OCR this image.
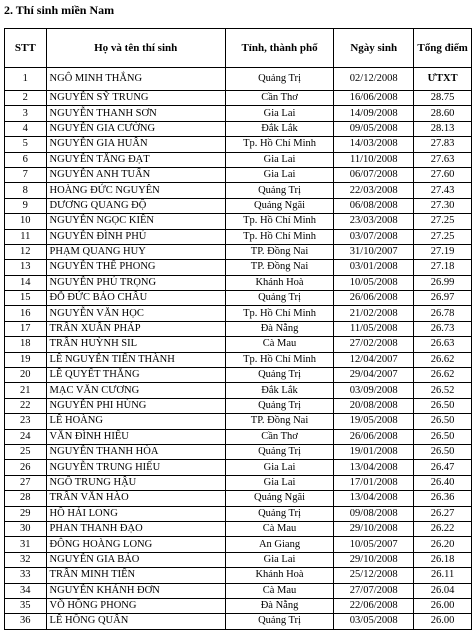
2. Thí sinh miền Nam
STT	Họ và tên thí sinh	Tỉnh, thành phố	Ngày sinh	Tổng điểm
1	NGÔ MINH THẮNG	Quảng Trị	02/12/2008	ƯTXT
2	NGUYỄN SỸ TRUNG	Cần Thơ	16/06/2008	28.75
3	NGUYỄN THANH SƠN	Gia Lai	14/09/2008	28.60
4	NGUYỄN GIA CƯỜNG	Đắk Lắk	09/05/2008	28.13
5	NGUYỄN GIA HUÂN	Tp. Hồ Chí Minh	14/03/2008	27.83
6	NGUYỄN TĂNG ĐẠT	Gia Lai	11/10/2008	27.63
7	NGUYỄN ANH TUẤN	Gia Lai	06/07/2008	27.60
8	HOÀNG ĐỨC NGUYÊN	Quảng Trị	22/03/2008	27.43
9	DƯƠNG QUANG ĐỘ	Quảng Ngãi	06/08/2008	27.30
10	NGUYỄN NGỌC KIÊN	Tp. Hồ Chí Minh	23/03/2008	27.25
11	NGUYỄN ĐÌNH PHÚ	Tp. Hồ Chí Minh	03/07/2008	27.25
12	PHẠM QUANG HUY	TP. Đồng Nai	31/10/2007	27.19
13	NGUYỄN THẾ PHONG	TP. Đồng Nai	03/01/2008	27.18
14	NGUYỄN PHÚ TRỌNG	Khánh Hoà	10/05/2008	26.99
15	ĐỖ ĐỨC BẢO CHÂU	Quảng Trị	26/06/2008	26.97
16	NGUYỄN VĂN HỌC	Tp. Hồ Chí Minh	21/02/2008	26.78
17	TRẦN XUÂN PHÁP	Đà Nẵng	11/05/2008	26.73
18	TRẦN HUỲNH SIL	Cà Mau	27/02/2008	26.63
19	LÊ NGUYỄN TIẾN THÀNH	Tp. Hồ Chí Minh	12/04/2007	26.62
20	LÊ QUYẾT THẮNG	Quảng Trị	29/04/2007	26.62
21	MẠC VĂN CƯƠNG	Đắk Lắk	03/09/2008	26.52
22	NGUYỄN PHI HÙNG	Quảng Trị	20/08/2008	26.50
23	LÊ HOÀNG	TP. Đồng Nai	19/05/2008	26.50
24	VĂN ĐÌNH HIẾU	Cần Thơ	26/06/2008	26.50
25	NGUYỄN THANH HÒA	Quảng Trị	19/01/2008	26.50
26	NGUYỄN TRUNG HIẾU	Gia Lai	13/04/2008	26.47
27	NGÔ TRUNG HẬU	Gia Lai	17/01/2008	26.40
28	TRẦN VĂN HÀO	Quảng Ngãi	13/04/2008	26.36
29	HỒ HẢI LONG	Quảng Trị	09/08/2008	26.27
30	PHAN THANH ĐẠO	Cà Mau	29/10/2008	26.22
31	ĐÔNG HOÀNG LONG	An Giang	10/05/2007	26.20
32	NGUYỄN GIA BẢO	Gia Lai	29/10/2008	26.18
33	TRẦN MINH TIẾN	Khánh Hoà	25/12/2008	26.11
34	NGUYỄN KHÁNH ĐƠN	Cà Mau	27/07/2008	26.04
35	VÕ HỒNG PHONG	Đà Nẵng	22/06/2008	26.00
36	LÊ HỒNG QUÂN	Quảng Trị	03/05/2008	26.00
